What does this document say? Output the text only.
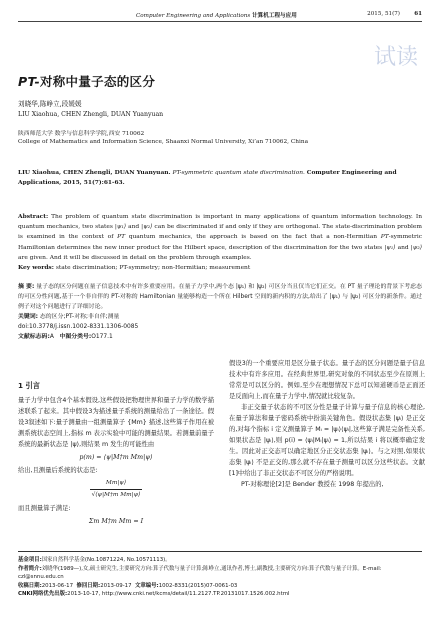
试读
Computer Engineering and Applications 计算机工程与应用	2015, 51(7)	61
PT-对称中量子态的区分
刘晓华,陈峥立,段媛媛
LIU Xiaohua, CHEN Zhengli, DUAN Yuanyuan
陕西师范大学 数学与信息科学学院,西安 710062
College of Mathematics and Information Science, Shaanxi Normal University, Xi’an 710062, China
LIU Xiaohua, CHEN Zhengli, DUAN Yuanyuan. PT-symmetric quantum state discrimination. Computer Engineering and Applications, 2015, 51(7):61-63.
Abstract: The problem of quantum state discrimination is important in many applications of quantum information technology. In quantum mechanics, two states |ψ₁⟩ and |ψ₂⟩ can be discriminated if and only if they are orthogonal. The state-discrimination problem is examined in the context of PT quantum mechanics, the approach is based on the fact that a non-Hermitian PT-symmetric Hamiltonian determines the new inner product for the Hilbert space, description of the discrimination for the two states |ψ₁⟩ and |ψ₂⟩ are given. And it will be discussed in detail on the problem through examples.
Key words: state discrimination; PT-symmetry; non-Hermitian; measurement
摘 要: 量子态的区分问题在量子信息技术中有许多重要应用。在量子力学中,两个态 |ψ₁⟩ 和 |ψ₂⟩ 可区分当且仅当它们正交。在 PT 量子理论的背景下考虑态的可区分性问题,基于一个非自伴的 PT-对称的 Hamiltonian 量能够构造一个所在 Hilbert 空间的新内积的方法,给出了 |ψ₁⟩ 与 |ψ₂⟩ 可区分的新条件。通过例子对这个问题进行了详细讨论。
关键词: 态的区分;PT-对称;非自伴;测量
doi:10.3778/j.issn.1002-8331.1306-0085
文献标志码:A 中图分类号:O177.1
1 引言
量子力学中包含4个基本假设,这些假设把物理世界和量子力学的数学描述联系了起来。其中假设3为描述量子系统的测量给出了一条途径。假设3叙述如下:量子测量由一组测量算子 {Mm} 描述,这些算子作用在被测系统状态空间上,指标 m 表示实验中可能的测量结果。若测量前量子系统的最新状态是 |ψ⟩,则结果 m 发生的可能性由
p(m) = ⟨ψ|M†m Mm|ψ⟩
给出,且测量后系统的状态是:
$\frac{Mm|\psi⟩}{\text{√⟨ψ|M†m Mm|ψ⟩}}$
而且测量算子满足:
Σm M†m Mm = I
假设3的一个重要应用是区分量子状态。量子态的区分问题是量子信息技术中有许多应用。在经典世界里,研究对象的不同状态至少在原则上常常是可以区分的。例如,至少在理想情况下总可以知道硬币是正面还是反面向上,而在量子力学中,情况就比较复杂。
非正交量子状态的不可区分性是量子计算与量子信息的核心理论,在量子算法和量子密码系统中扮演关键角色。假设状态集 |ψᵢ⟩ 是正交的,对每个指标 i 定义测量算子 Mᵢ = |ψᵢ⟩⟨ψᵢ|,这些算子满足完备性关系,如果状态是 |ψᵢ⟩,则 p(i) = ⟨ψᵢ|Mᵢ|ψᵢ⟩ = 1,所以结果 i 将以概率确定发生。因此对正交态可以确定地区分正交状态集 |ψᵢ⟩。与之对照,如果状态集 |ψᵢ⟩ 不是正交的,那么就不存在量子测量可以区分这些状态。文献[1]中给出了非正交状态不可区分的严格说明。
PT-对称理论[2]是 Bender 教授在 1998 年提出的,
基金项目:国家自然科学基金(No.10871224, No.10571113)。
作者简介:刘晓华(1989—),女,硕士研究生,主要研究方向:算子代数与量子计算;陈峥立,通讯作者,博士,副教授,主要研究方向:算子代数与量子计算。E-mail: czl@snnu.edu.cn
收稿日期:2013-06-17 修回日期:2013-09-17 文章编号:1002-8331(2015)07-0061-03
CNKI网络优先出版:2013-10-17, http://www.cnki.net/kcms/detail/11.2127.TP.20131017.1526.002.html
